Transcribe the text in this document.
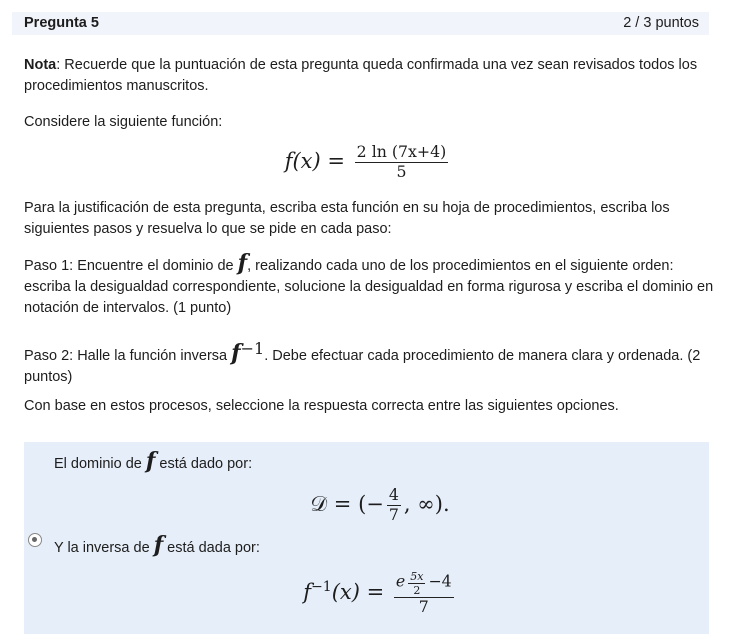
Pregunta 5	2 / 3 puntos
Nota: Recuerde que la puntuación de esta pregunta queda confirmada una vez sean revisados todos los procedimientos manuscritos.
Considere la siguiente función:
$f(x) = \frac{2 \ln (7x+4)}{5}$
Para la justificación de esta pregunta, escriba esta función en su hoja de procedimientos, escriba los siguientes pasos y resuelva lo que se pide en cada paso:
Paso 1: Encuentre el dominio de f, realizando cada uno de los procedimientos en el siguiente orden: escriba la desigualdad correspondiente, solucione la desigualdad en forma rigurosa y escriba el dominio en notación de intervalos. (1 punto)
Paso 2: Halle la función inversa $f^{-1}$. Debe efectuar cada procedimiento de manera clara y ordenada. (2 puntos)
Con base en estos procesos, seleccione la respuesta correcta entre las siguientes opciones.
El dominio de f está dado por:
𝒟 = (− $\frac{4}{7}$ , ∞).
Y la inversa de f está dada por:
$f^{-1}(x) = \frac{e \frac{5x}{2} -4}{7}$
